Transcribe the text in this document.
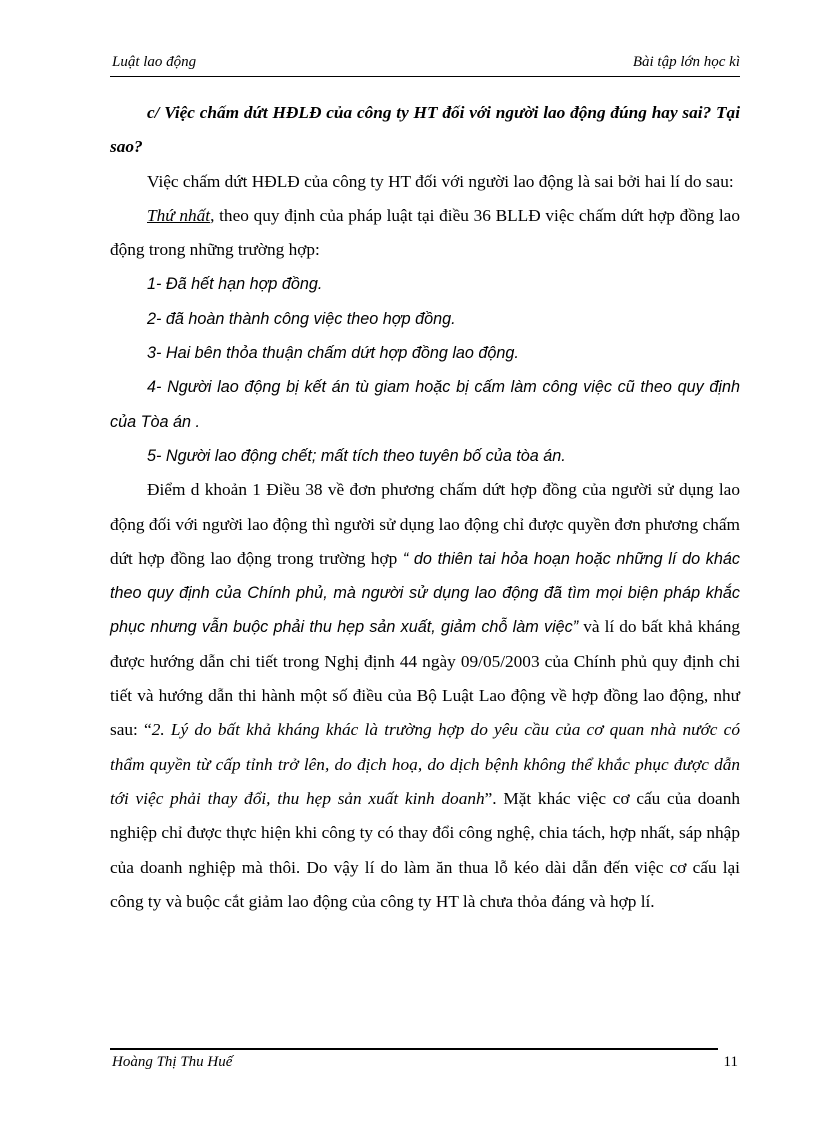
Luật lao động	Bài tập lớn học kì

c/ Việc chấm dứt HĐLĐ của công ty HT đối với người lao động đúng hay sai? Tại sao?

Việc chấm dứt HĐLĐ của công ty HT đối với người lao động là sai bởi hai lí do sau:

Thứ nhất, theo quy định của pháp luật tại điều 36 BLLĐ việc chấm dứt hợp đồng lao động trong những trường hợp:

1- Đã hết hạn hợp đồng.

2- đã hoàn thành công việc theo hợp đồng.

3- Hai bên thỏa thuận chấm dứt hợp đồng lao động.

4- Người lao động bị kết án tù giam hoặc bị cấm làm công việc cũ theo quy định của Tòa án .

5- Người lao động chết; mất tích theo tuyên bố của tòa án.

Điểm d khoản 1 Điều 38 về đơn phương chấm dứt hợp đồng của người sử dụng lao động đối với người lao động thì người sử dụng lao động chỉ được quyền đơn phương chấm dứt hợp đồng lao động trong trường hợp “ do thiên tai hỏa hoạn hoặc những lí do khác theo quy định của Chính phủ, mà người sử dụng lao động đã tìm mọi biện pháp khắc phục nhưng vẫn buộc phải thu hẹp sản xuất, giảm chỗ làm việc” và lí do bất khả kháng được hướng dẫn chi tiết trong Nghị định 44 ngày 09/05/2003 của Chính phủ quy định chi tiết và hướng dẫn thi hành một số điều của Bộ Luật Lao động về hợp đồng lao động, như sau: “2. Lý do bất khả kháng khác là trường hợp do yêu cầu của cơ quan nhà nước có thẩm quyền từ cấp tỉnh trở lên, do địch hoạ, do dịch bệnh không thể khắc phục được dẫn tới việc phải thay đổi, thu hẹp sản xuất kinh doanh”. Mặt khác việc cơ cấu của doanh nghiệp chỉ được thực hiện khi công ty có thay đổi công nghệ, chia tách, hợp nhất, sáp nhập của doanh nghiệp mà thôi. Do vậy lí do làm ăn thua lỗ kéo dài dẫn đến việc cơ cấu lại công ty và buộc cắt giảm lao động của công ty HT là chưa thỏa đáng và hợp lí.

Hoàng Thị Thu Huế	11
